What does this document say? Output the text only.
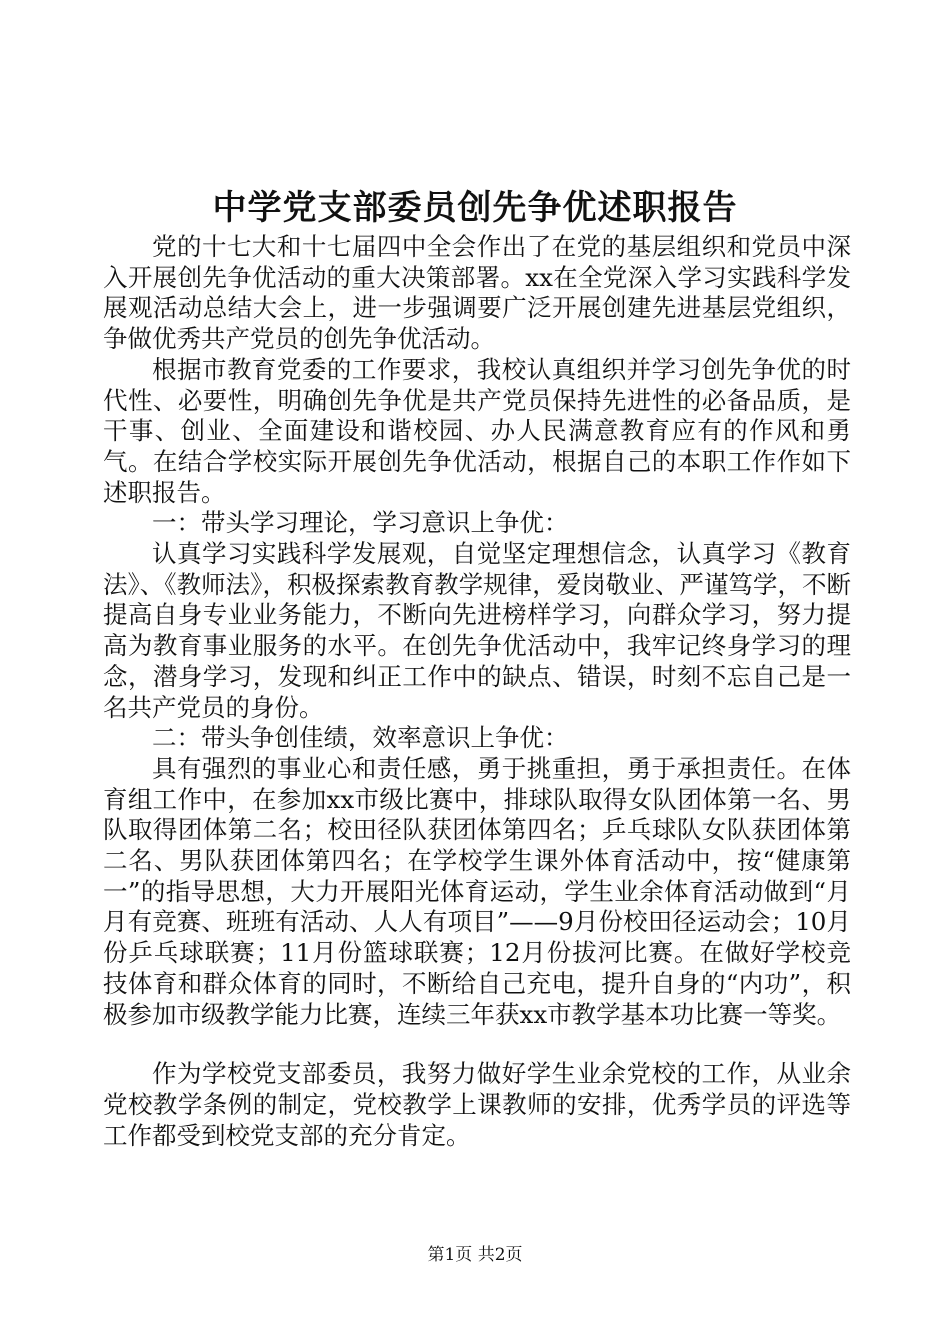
中学党支部委员创先争优述职报告

党的十七大和十七届四中全会作出了在党的基层组织和党员中深入开展创先争优活动的重大决策部署。xx在全党深入学习实践科学发展观活动总结大会上，进一步强调要广泛开展创建先进基层党组织，争做优秀共产党员的创先争优活动。

根据市教育党委的工作要求，我校认真组织并学习创先争优的时代性、必要性，明确创先争优是共产党员保持先进性的必备品质，是干事、创业、全面建设和谐校园、办人民满意教育应有的作风和勇气。在结合学校实际开展创先争优活动，根据自己的本职工作作如下述职报告。

一：带头学习理论，学习意识上争优：

认真学习实践科学发展观，自觉坚定理想信念，认真学习《教育法》、《教师法》，积极探索教育教学规律，爱岗敬业、严谨笃学，不断提高自身专业业务能力，不断向先进榜样学习，向群众学习，努力提高为教育事业服务的水平。在创先争优活动中，我牢记终身学习的理念，潜身学习，发现和纠正工作中的缺点、错误，时刻不忘自己是一名共产党员的身份。

二：带头争创佳绩，效率意识上争优：

具有强烈的事业心和责任感，勇于挑重担，勇于承担责任。在体育组工作中，在参加xx市级比赛中，排球队取得女队团体第一名、男队取得团体第二名；校田径队获团体第四名；乒乓球队女队获团体第二名、男队获团体第四名；在学校学生课外体育活动中，按“健康第一”的指导思想，大力开展阳光体育运动，学生业余体育活动做到“月月有竞赛、班班有活动、人人有项目”——9月份校田径运动会；10月份乒乓球联赛；11月份篮球联赛；12月份拔河比赛。在做好学校竞技体育和群众体育的同时，不断给自己充电，提升自身的“内功”，积极参加市级教学能力比赛，连续三年获xx市教学基本功比赛一等奖。

作为学校党支部委员，我努力做好学生业余党校的工作，从业余党校教学条例的制定，党校教学上课教师的安排，优秀学员的评选等工作都受到校党支部的充分肯定。

第1页 共2页
